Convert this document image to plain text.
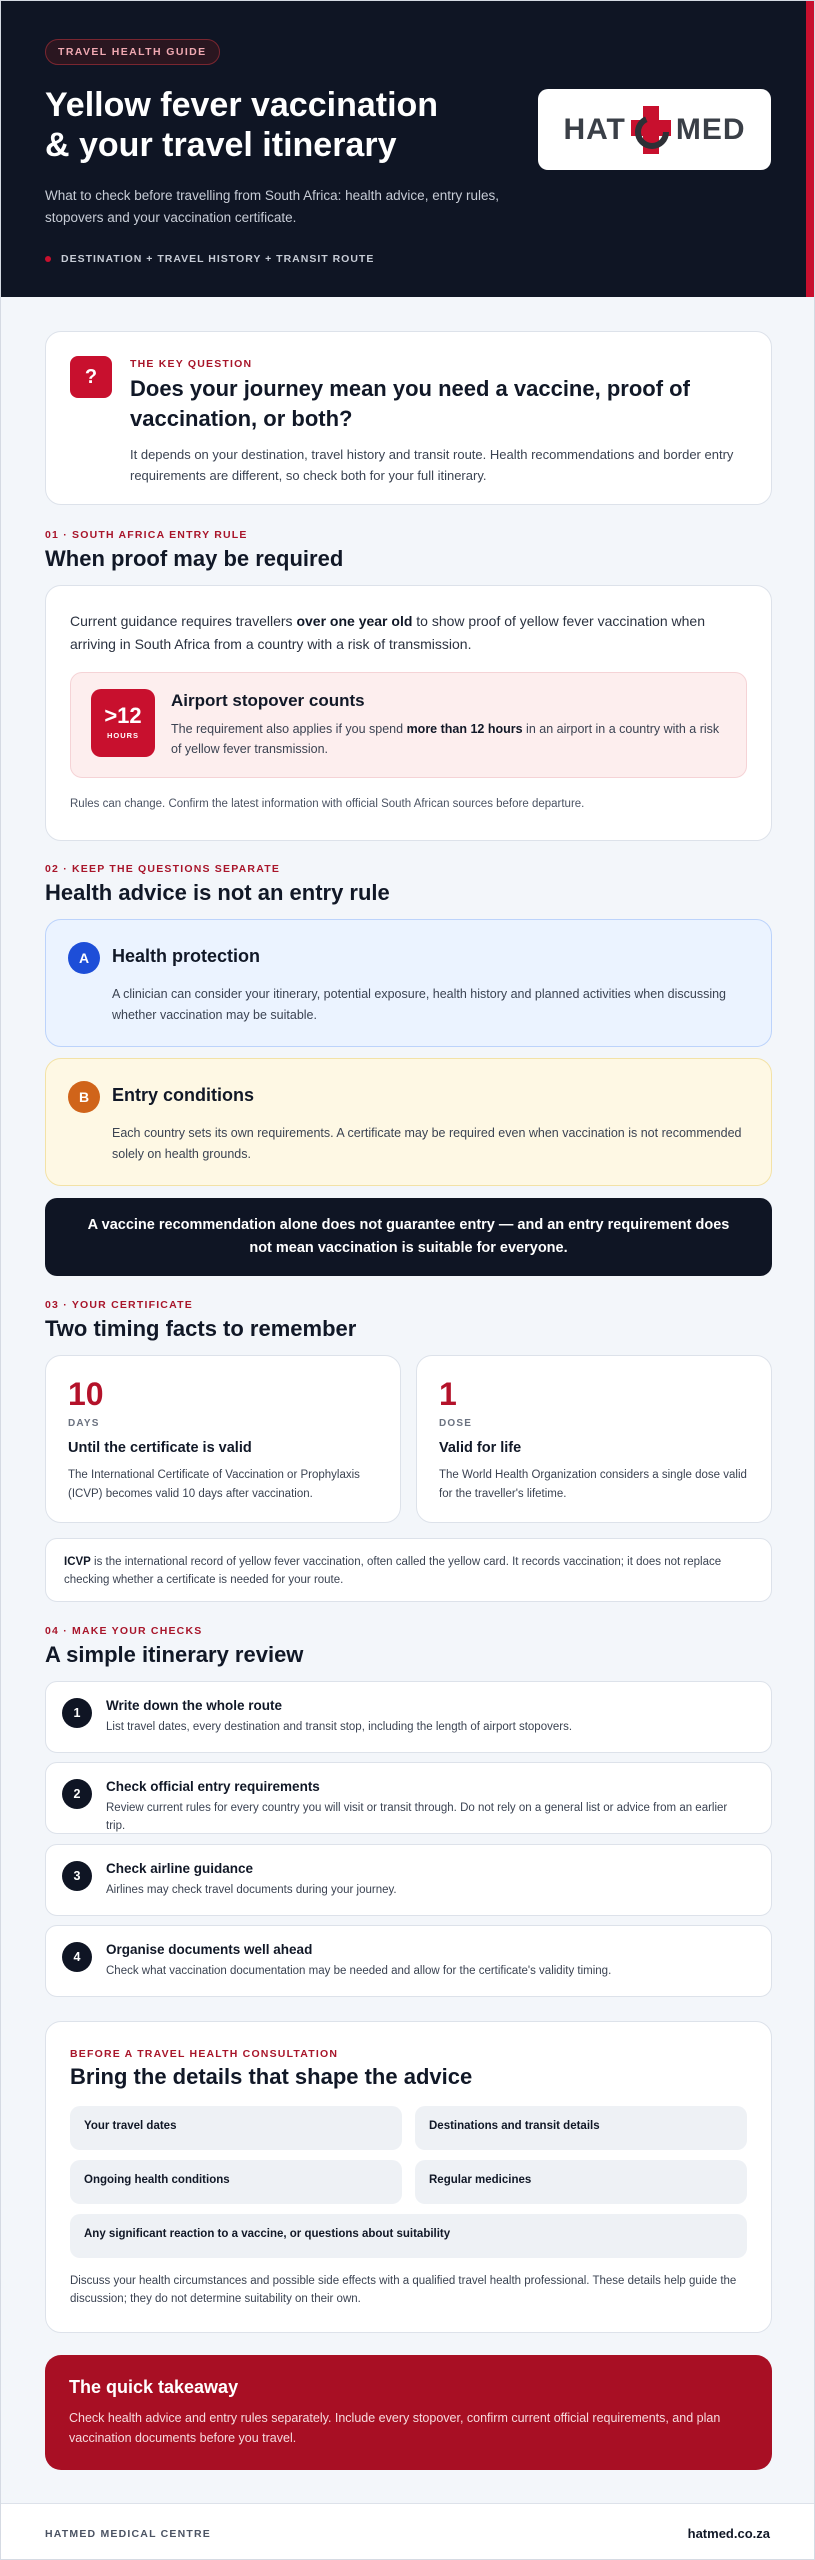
TRAVEL HEALTH GUIDE
Yellow fever vaccination
& your travel itinerary
What to check before travelling from South Africa: health advice, entry rules, stopovers and your vaccination certificate.
DESTINATION + TRAVEL HISTORY + TRANSIT ROUTE
HAT MED
?
THE KEY QUESTION
Does your journey mean you need a vaccine, proof of vaccination, or both?
It depends on your destination, travel history and transit route. Health recommendations and border entry requirements are different, so check both for your full itinerary.
01 · SOUTH AFRICA ENTRY RULE
When proof may be required
Current guidance requires travellers over one year old to show proof of yellow fever vaccination when arriving in South Africa from a country with a risk of transmission.
>12
HOURS
Airport stopover counts
The requirement also applies if you spend more than 12 hours in an airport in a country with a risk of yellow fever transmission.
Rules can change. Confirm the latest information with official South African sources before departure.
02 · KEEP THE QUESTIONS SEPARATE
Health advice is not an entry rule
A	Health protection
A clinician can consider your itinerary, potential exposure, health history and planned activities when discussing whether vaccination may be suitable.
B	Entry conditions
Each country sets its own requirements. A certificate may be required even when vaccination is not recommended solely on health grounds.
A vaccine recommendation alone does not guarantee entry — and an entry requirement does not mean vaccination is suitable for everyone.
03 · YOUR CERTIFICATE
Two timing facts to remember
10
DAYS
Until the certificate is valid
The International Certificate of Vaccination or Prophylaxis (ICVP) becomes valid 10 days after vaccination.
1
DOSE
Valid for life
The World Health Organization considers a single dose valid for the traveller's lifetime.
ICVP is the international record of yellow fever vaccination, often called the yellow card. It records vaccination; it does not replace checking whether a certificate is needed for your route.
04 · MAKE YOUR CHECKS
A simple itinerary review
1	Write down the whole route
List travel dates, every destination and transit stop, including the length of airport stopovers.
2	Check official entry requirements
Review current rules for every country you will visit or transit through. Do not rely on a general list or advice from an earlier trip.
3	Check airline guidance
Airlines may check travel documents during your journey.
4	Organise documents well ahead
Check what vaccination documentation may be needed and allow for the certificate's validity timing.
BEFORE A TRAVEL HEALTH CONSULTATION
Bring the details that shape the advice
Your travel dates	Destinations and transit details
Ongoing health conditions	Regular medicines
Any significant reaction to a vaccine, or questions about suitability
Discuss your health circumstances and possible side effects with a qualified travel health professional. These details help guide the discussion; they do not determine suitability on their own.
The quick takeaway
Check health advice and entry rules separately. Include every stopover, confirm current official requirements, and plan vaccination documents before you travel.
HATMED MEDICAL CENTRE	hatmed.co.za
